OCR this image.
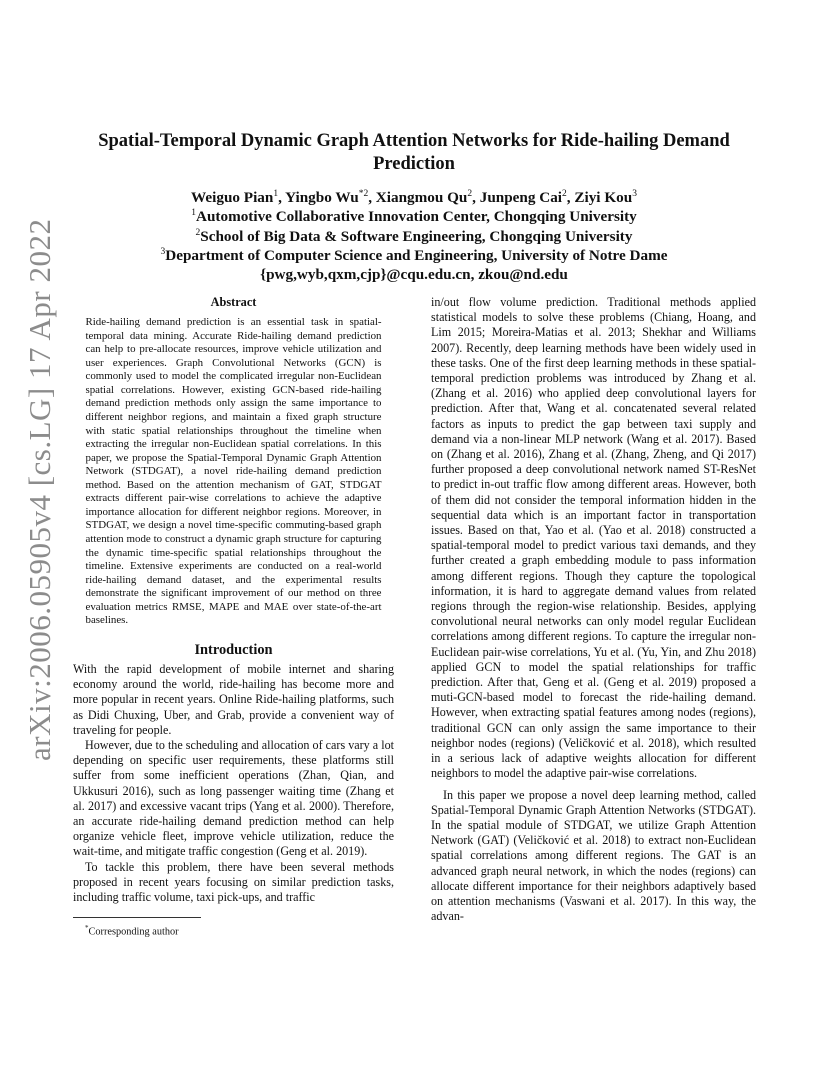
arXiv:2006.05905v4 [cs.LG] 17 Apr 2022
Spatial-Temporal Dynamic Graph Attention Networks for Ride-hailing Demand Prediction
Weiguo Pian$^1$, Yingbo Wu$^{*2}$, Xiangmou Qu$^2$, Junpeng Cai$^2$, Ziyi Kou$^3$
$^1$Automotive Collaborative Innovation Center, Chongqing University
$^2$School of Big Data & Software Engineering, Chongqing University
$^3$Department of Computer Science and Engineering, University of Notre Dame
{pwg,wyb,qxm,cjp}@cqu.edu.cn, zkou@nd.edu
Abstract
Ride-hailing demand prediction is an essential task in spatial-temporal data mining. Accurate Ride-hailing demand prediction can help to pre-allocate resources, improve vehicle utilization and user experiences. Graph Convolutional Networks (GCN) is commonly used to model the complicated irregular non-Euclidean spatial correlations. However, existing GCN-based ride-hailing demand prediction methods only assign the same importance to different neighbor regions, and maintain a fixed graph structure with static spatial relationships throughout the timeline when extracting the irregular non-Euclidean spatial correlations. In this paper, we propose the Spatial-Temporal Dynamic Graph Attention Network (STDGAT), a novel ride-hailing demand prediction method. Based on the attention mechanism of GAT, STDGAT extracts different pair-wise correlations to achieve the adaptive importance allocation for different neighbor regions. Moreover, in STDGAT, we design a novel time-specific commuting-based graph attention mode to construct a dynamic graph structure for capturing the dynamic time-specific spatial relationships throughout the timeline. Extensive experiments are conducted on a real-world ride-hailing demand dataset, and the experimental results demonstrate the significant improvement of our method on three evaluation metrics RMSE, MAPE and MAE over state-of-the-art baselines.
Introduction

With the rapid development of mobile internet and sharing economy around the world, ride-hailing has become more and more popular in recent years. Online Ride-hailing platforms, such as Didi Chuxing, Uber, and Grab, provide a convenient way of traveling for people.

However, due to the scheduling and allocation of cars vary a lot depending on specific user requirements, these platforms still suffer from some inefficient operations (Zhan, Qian, and Ukkusuri 2016), such as long passenger waiting time (Zhang et al. 2017) and excessive vacant trips (Yang et al. 2000). Therefore, an accurate ride-hailing demand prediction method can help organize vehicle fleet, improve vehicle utilization, reduce the wait-time, and mitigate traffic congestion (Geng et al. 2019).

To tackle this problem, there have been several methods proposed in recent years focusing on similar prediction tasks, including traffic volume, taxi pick-ups, and traffic

*Corresponding author

in/out flow volume prediction. Traditional methods applied statistical models to solve these problems (Chiang, Hoang, and Lim 2015; Moreira-Matias et al. 2013; Shekhar and Williams 2007). Recently, deep learning methods have been widely used in these tasks. One of the first deep learning methods in these spatial-temporal prediction problems was introduced by Zhang et al. (Zhang et al. 2016) who applied deep convolutional layers for prediction. After that, Wang et al. concatenated several related factors as inputs to predict the gap between taxi supply and demand via a non-linear MLP network (Wang et al. 2017). Based on (Zhang et al. 2016), Zhang et al. (Zhang, Zheng, and Qi 2017) further proposed a deep convolutional network named ST-ResNet to predict in-out traffic flow among different areas. However, both of them did not consider the temporal information hidden in the sequential data which is an important factor in transportation issues. Based on that, Yao et al. (Yao et al. 2018) constructed a spatial-temporal model to predict various taxi demands, and they further created a graph embedding module to pass information among different regions. Though they capture the topological information, it is hard to aggregate demand values from related regions through the region-wise relationship. Besides, applying convolutional neural networks can only model regular Euclidean correlations among different regions. To capture the irregular non-Euclidean pair-wise correlations, Yu et al. (Yu, Yin, and Zhu 2018) applied GCN to model the spatial relationships for traffic prediction. After that, Geng et al. (Geng et al. 2019) proposed a muti-GCN-based model to forecast the ride-hailing demand. However, when extracting spatial features among nodes (regions), traditional GCN can only assign the same importance to their neighbor nodes (regions) (Veličković et al. 2018), which resulted in a serious lack of adaptive weights allocation for different neighbors to model the adaptive pair-wise correlations.

In this paper we propose a novel deep learning method, called Spatial-Temporal Dynamic Graph Attention Networks (STDGAT). In the spatial module of STDGAT, we utilize Graph Attention Network (GAT) (Veličković et al. 2018) to extract non-Euclidean spatial correlations among different regions. The GAT is an advanced graph neural network, in which the nodes (regions) can allocate different importance for their neighbors adaptively based on attention mechanisms (Vaswani et al. 2017). In this way, the advan-
